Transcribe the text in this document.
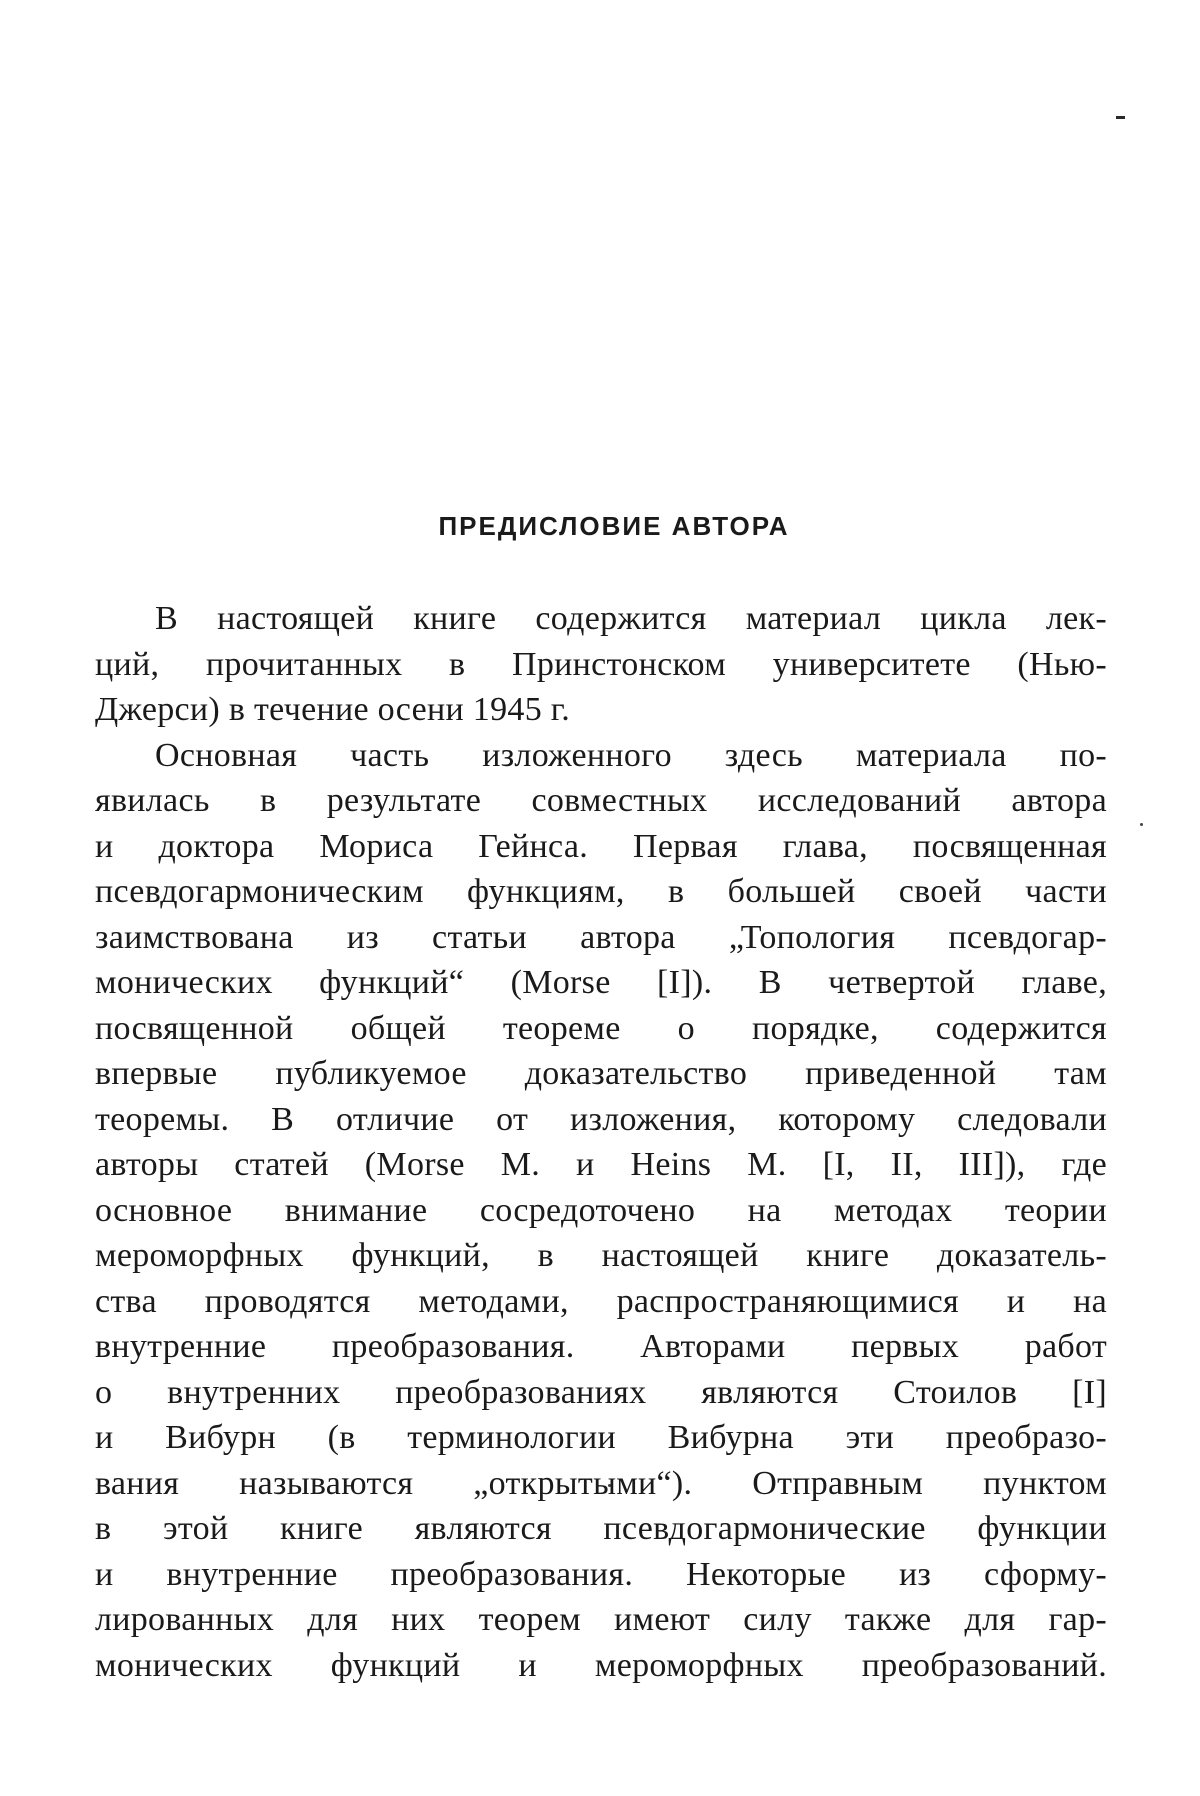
ПРЕДИСЛОВИЕ АВТОРА
В настоящей книге содержится материал цикла лек-
ций, прочитанных в Принстонском университете (Нью-
Джерси) в течение осени 1945 г.
Основная часть изложенного здесь материала по-
явилась в результате совместных исследований автора
и доктора Мориса Гейнса. Первая глава, посвященная
псевдогармоническим функциям, в большей своей части
заимствована из статьи автора „Топология псевдогар-
монических функций“ (Morse [I]). В четвертой главе,
посвященной общей теореме о порядке, содержится
впервые публикуемое доказательство приведенной там
теоремы. В отличие от изложения, которому следовали
авторы статей (Morse M. и Heins M. [I, II, III]), где
основное внимание сосредоточено на методах теории
мероморфных функций, в настоящей книге доказатель-
ства проводятся методами, распространяющимися и на
внутренние преобразования. Авторами первых работ
о внутренних преобразованиях являются Стоилов [I]
и Вибурн (в терминологии Вибурна эти преобразо-
вания называются „открытыми“). Отправным пунктом
в этой книге являются псевдогармонические функции
и внутренние преобразования. Некоторые из сформу-
лированных для них теорем имеют силу также для гар-
монических функций и мероморфных преобразований.
